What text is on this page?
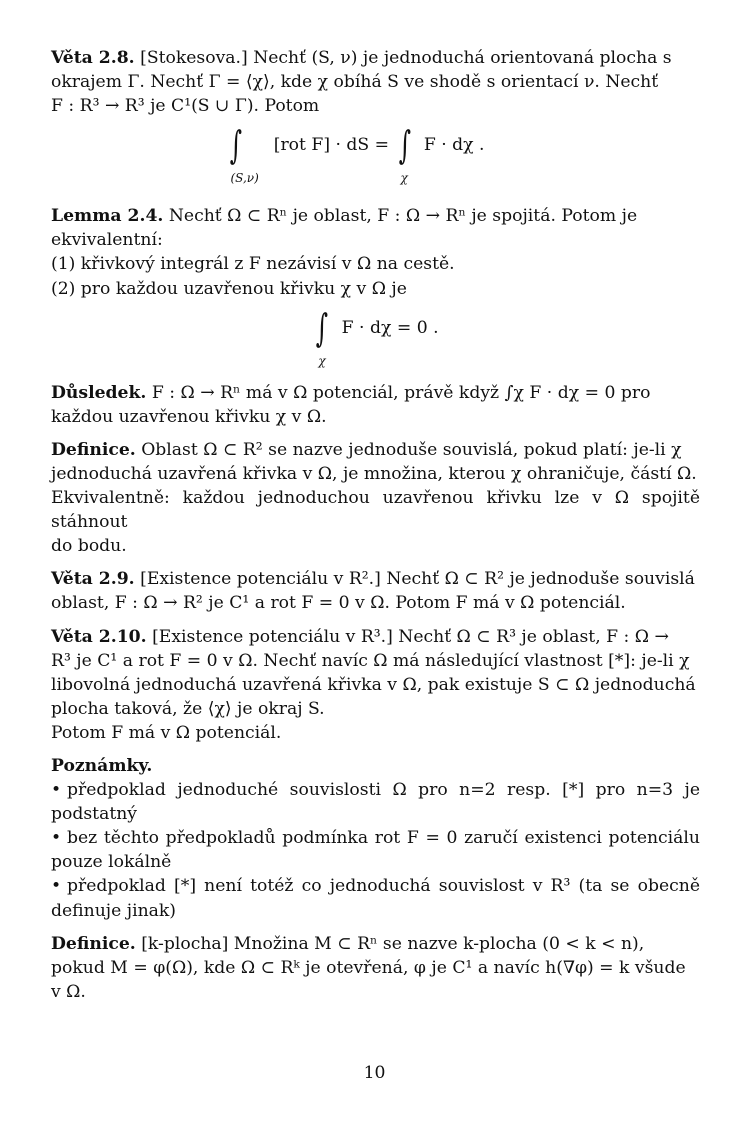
Věta 2.8. [Stokesova.] Nechť (S, ν) je jednoduchá orientovaná plocha s

okrajem Γ. Nechť Γ = ⟨χ⟩, kde χ obíhá S ve shodě s orientací ν. Nechť

F : R³ → R³ je C¹(S ∪ Γ). Potom

∫
(S,ν)
[rot F] · dS = ∫
χ
F · dχ .

Lemma 2.4. Nechť Ω ⊂ Rⁿ je oblast, F : Ω → Rⁿ je spojitá. Potom je

ekvivalentní:

(1) křivkový integrál z F nezávisí v Ω na cestě.

(2) pro každou uzavřenou křivku χ v Ω je

∫
χ
F · dχ = 0 .

Důsledek. F : Ω → Rⁿ má v Ω potenciál, právě když ∫χ F · dχ = 0 pro

každou uzavřenou křivku χ v Ω.

Definice. Oblast Ω ⊂ R² se nazve jednoduše souvislá, pokud platí: je-li χ

jednoduchá uzavřená křivka v Ω, je množina, kterou χ ohraničuje, částí Ω.

Ekvivalentně: každou jednoduchou uzavřenou křivku lze v Ω spojitě stáhnout

do bodu.

Věta 2.9. [Existence potenciálu v R².] Nechť Ω ⊂ R² je jednoduše souvislá

oblast, F : Ω → R² je C¹ a rot F = 0 v Ω. Potom F má v Ω potenciál.

Věta 2.10. [Existence potenciálu v R³.] Nechť Ω ⊂ R³ je oblast, F : Ω →

R³ je C¹ a rot F = 0 v Ω. Nechť navíc Ω má následující vlastnost [*]: je-li χ

libovolná jednoduchá uzavřená křivka v Ω, pak existuje S ⊂ Ω jednoduchá

plocha taková, že ⟨χ⟩ je okraj S.

Potom F má v Ω potenciál.

Poznámky.

• předpoklad jednoduché souvislosti Ω pro n=2 resp. [*] pro n=3 je podstatný

• bez těchto předpokladů podmínka rot F = 0 zaručí existenci potenciálu pouze lokálně

• předpoklad [*] není totéž co jednoduchá souvislost v R³ (ta se obecně definuje jinak)

Definice. [k-plocha] Množina M ⊂ Rⁿ se nazve k-plocha (0 < k < n),

pokud M = φ(Ω), kde Ω ⊂ Rᵏ je otevřená, φ je C¹ a navíc h(∇φ) = k všude

v Ω.

10
